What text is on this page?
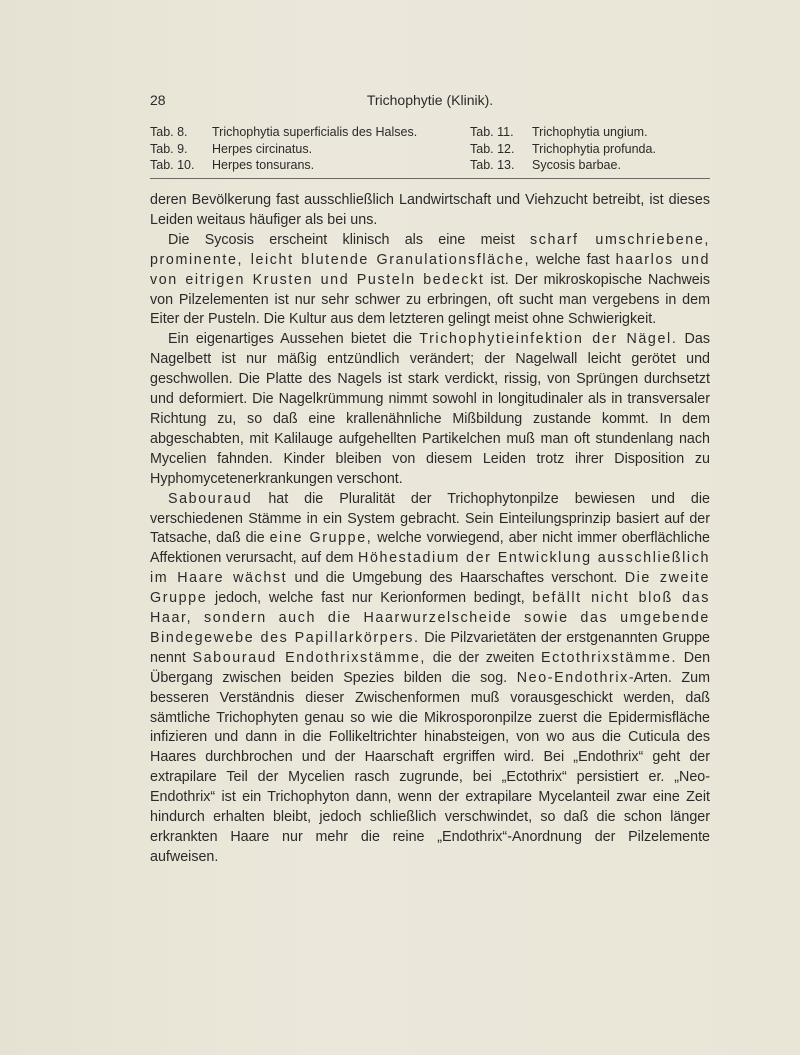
28	Trichophytie (Klinik).
Tab. 8.	Trichophytia superficialis des Halses.	Tab. 11.	Trichophytia ungium.
Tab. 9.	Herpes circinatus.	Tab. 12.	Trichophytia profunda.
Tab. 10.	Herpes tonsurans.	Tab. 13.	Sycosis barbae.

deren Bevölkerung fast ausschließlich Landwirtschaft und Viehzucht betreibt, ist dieses Leiden weitaus häufiger als bei uns.

Die Sycosis erscheint klinisch als eine meist scharf umschriebene, prominente, leicht blutende Granulationsfläche, welche fast haarlos und von eitrigen Krusten und Pusteln bedeckt ist. Der mikroskopische Nachweis von Pilzelementen ist nur sehr schwer zu erbringen, oft sucht man vergebens in dem Eiter der Pusteln. Die Kultur aus dem letzteren gelingt meist ohne Schwierigkeit.

Ein eigenartiges Aussehen bietet die Trichophytieinfektion der Nägel. Das Nagelbett ist nur mäßig entzündlich verändert; der Nagelwall leicht gerötet und geschwollen. Die Platte des Nagels ist stark verdickt, rissig, von Sprüngen durchsetzt und deformiert. Die Nagelkrümmung nimmt sowohl in longitudinaler als in transversaler Richtung zu, so daß eine krallenähnliche Mißbildung zustande kommt. In dem abgeschabten, mit Kalilauge aufgehellten Partikelchen muß man oft stundenlang nach Mycelien fahnden. Kinder bleiben von diesem Leiden trotz ihrer Disposition zu Hyphomycetenerkrankungen verschont.

Sabouraud hat die Pluralität der Trichophytonpilze bewiesen und die verschiedenen Stämme in ein System gebracht. Sein Einteilungsprinzip basiert auf der Tatsache, daß die eine Gruppe, welche vorwiegend, aber nicht immer oberflächliche Affektionen verursacht, auf dem Höhestadium der Entwicklung ausschließlich im Haare wächst und die Umgebung des Haarschaftes verschont. Die zweite Gruppe jedoch, welche fast nur Kerionformen bedingt, befällt nicht bloß das Haar, sondern auch die Haarwurzelscheide sowie das umgebende Bindegewebe des Papillarkörpers. Die Pilzvarietäten der erstgenannten Gruppe nennt Sabouraud Endothrixstämme, die der zweiten Ectothrixstämme. Den Übergang zwischen beiden Spezies bilden die sog. Neo-Endothrix-Arten. Zum besseren Verständnis dieser Zwischenformen muß vorausgeschickt werden, daß sämtliche Trichophyten genau so wie die Mikrosporonpilze zuerst die Epidermisfläche infizieren und dann in die Follikeltrichter hinabsteigen, von wo aus die Cuticula des Haares durchbrochen und der Haarschaft ergriffen wird. Bei „Endothrix“ geht der extrapilare Teil der Mycelien rasch zugrunde, bei „Ectothrix“ persistiert er. „Neo-Endothrix“ ist ein Trichophyton dann, wenn der extrapilare Mycelanteil zwar eine Zeit hindurch erhalten bleibt, jedoch schließlich verschwindet, so daß die schon länger erkrankten Haare nur mehr die reine „Endothrix“-Anordnung der Pilzelemente aufweisen.
